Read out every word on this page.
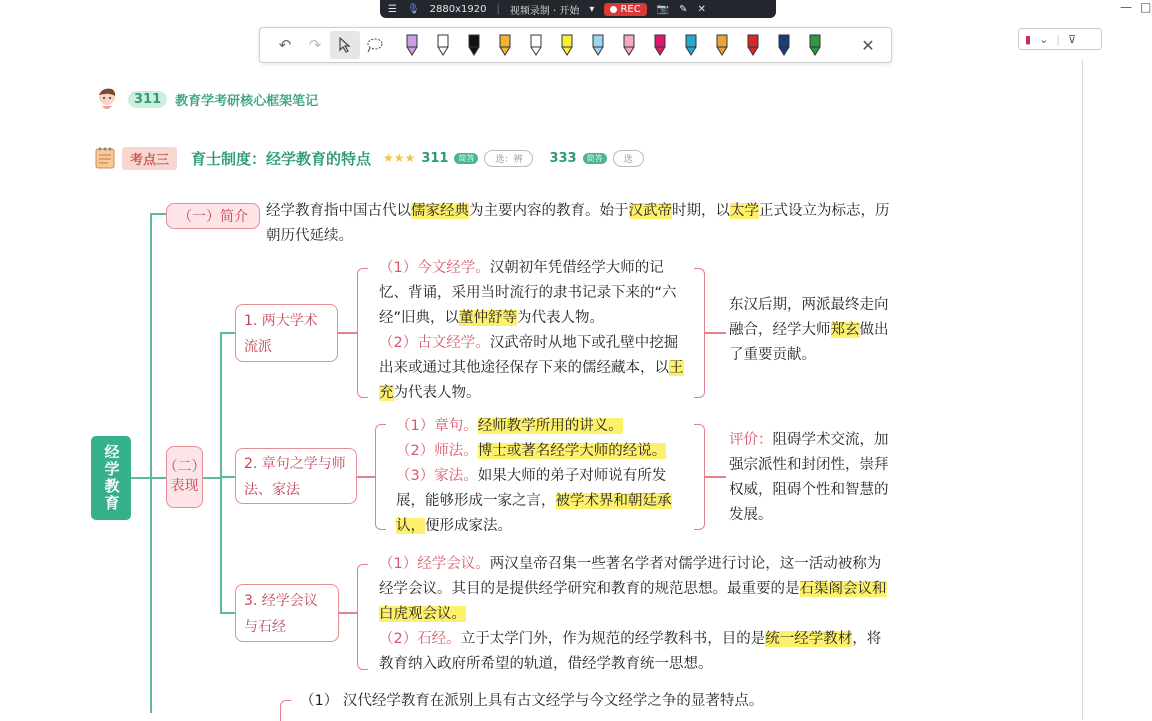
☰ 🎙 2880x1920 | 视频录制 · 开始 ▾	REC 📷 ✎ ✕
↶	↷	✕	▮ ⌄ | ⊽
— □
311	教育学考研核心框架笔记
考点三	育士制度：经学教育的特点 ★★★ 311	简答	选：辨	333	简答	选
经学教育
（一）简介 经学教育指中国古代以儒家经典为主要内容的教育。始于汉武帝时期，以太学正式设立为标志，历朝历代延续。
（二）表现
1. 两大学术流派
（1）今文经学。汉朝初年凭借经学大师的记忆、背诵，采用当时流行的隶书记录下来的“六经”旧典，以董仲舒等为代表人物。
（2）古文经学。汉武帝时从地下或孔壁中挖掘出来或通过其他途径保存下来的儒经藏本，以王充为代表人物。
东汉后期，两派最终走向融合，经学大师郑玄做出了重要贡献。
2. 章句之学与师法、家法
（1）章句。经师教学所用的讲义。
（2）师法。博士或著名经学大师的经说。
（3）家法。如果大师的弟子对师说有所发展，能够形成一家之言，被学术界和朝廷承认，便形成家法。
评价：阻碍学术交流，加强宗派性和封闭性，崇拜权威，阻碍个性和智慧的发展。
3. 经学会议与石经
（1）经学会议。两汉皇帝召集一些著名学者对儒学进行讨论，这一活动被称为经学会议。其目的是提供经学研究和教育的规范思想。最重要的是石渠阁会议和白虎观会议。
（2）石经。立于太学门外，作为规范的经学教科书，目的是统一经学教材，将教育纳入政府所希望的轨道，借经学教育统一思想。
（1） 汉代经学教育在派别上具有古文经学与今文经学之争的显著特点。
